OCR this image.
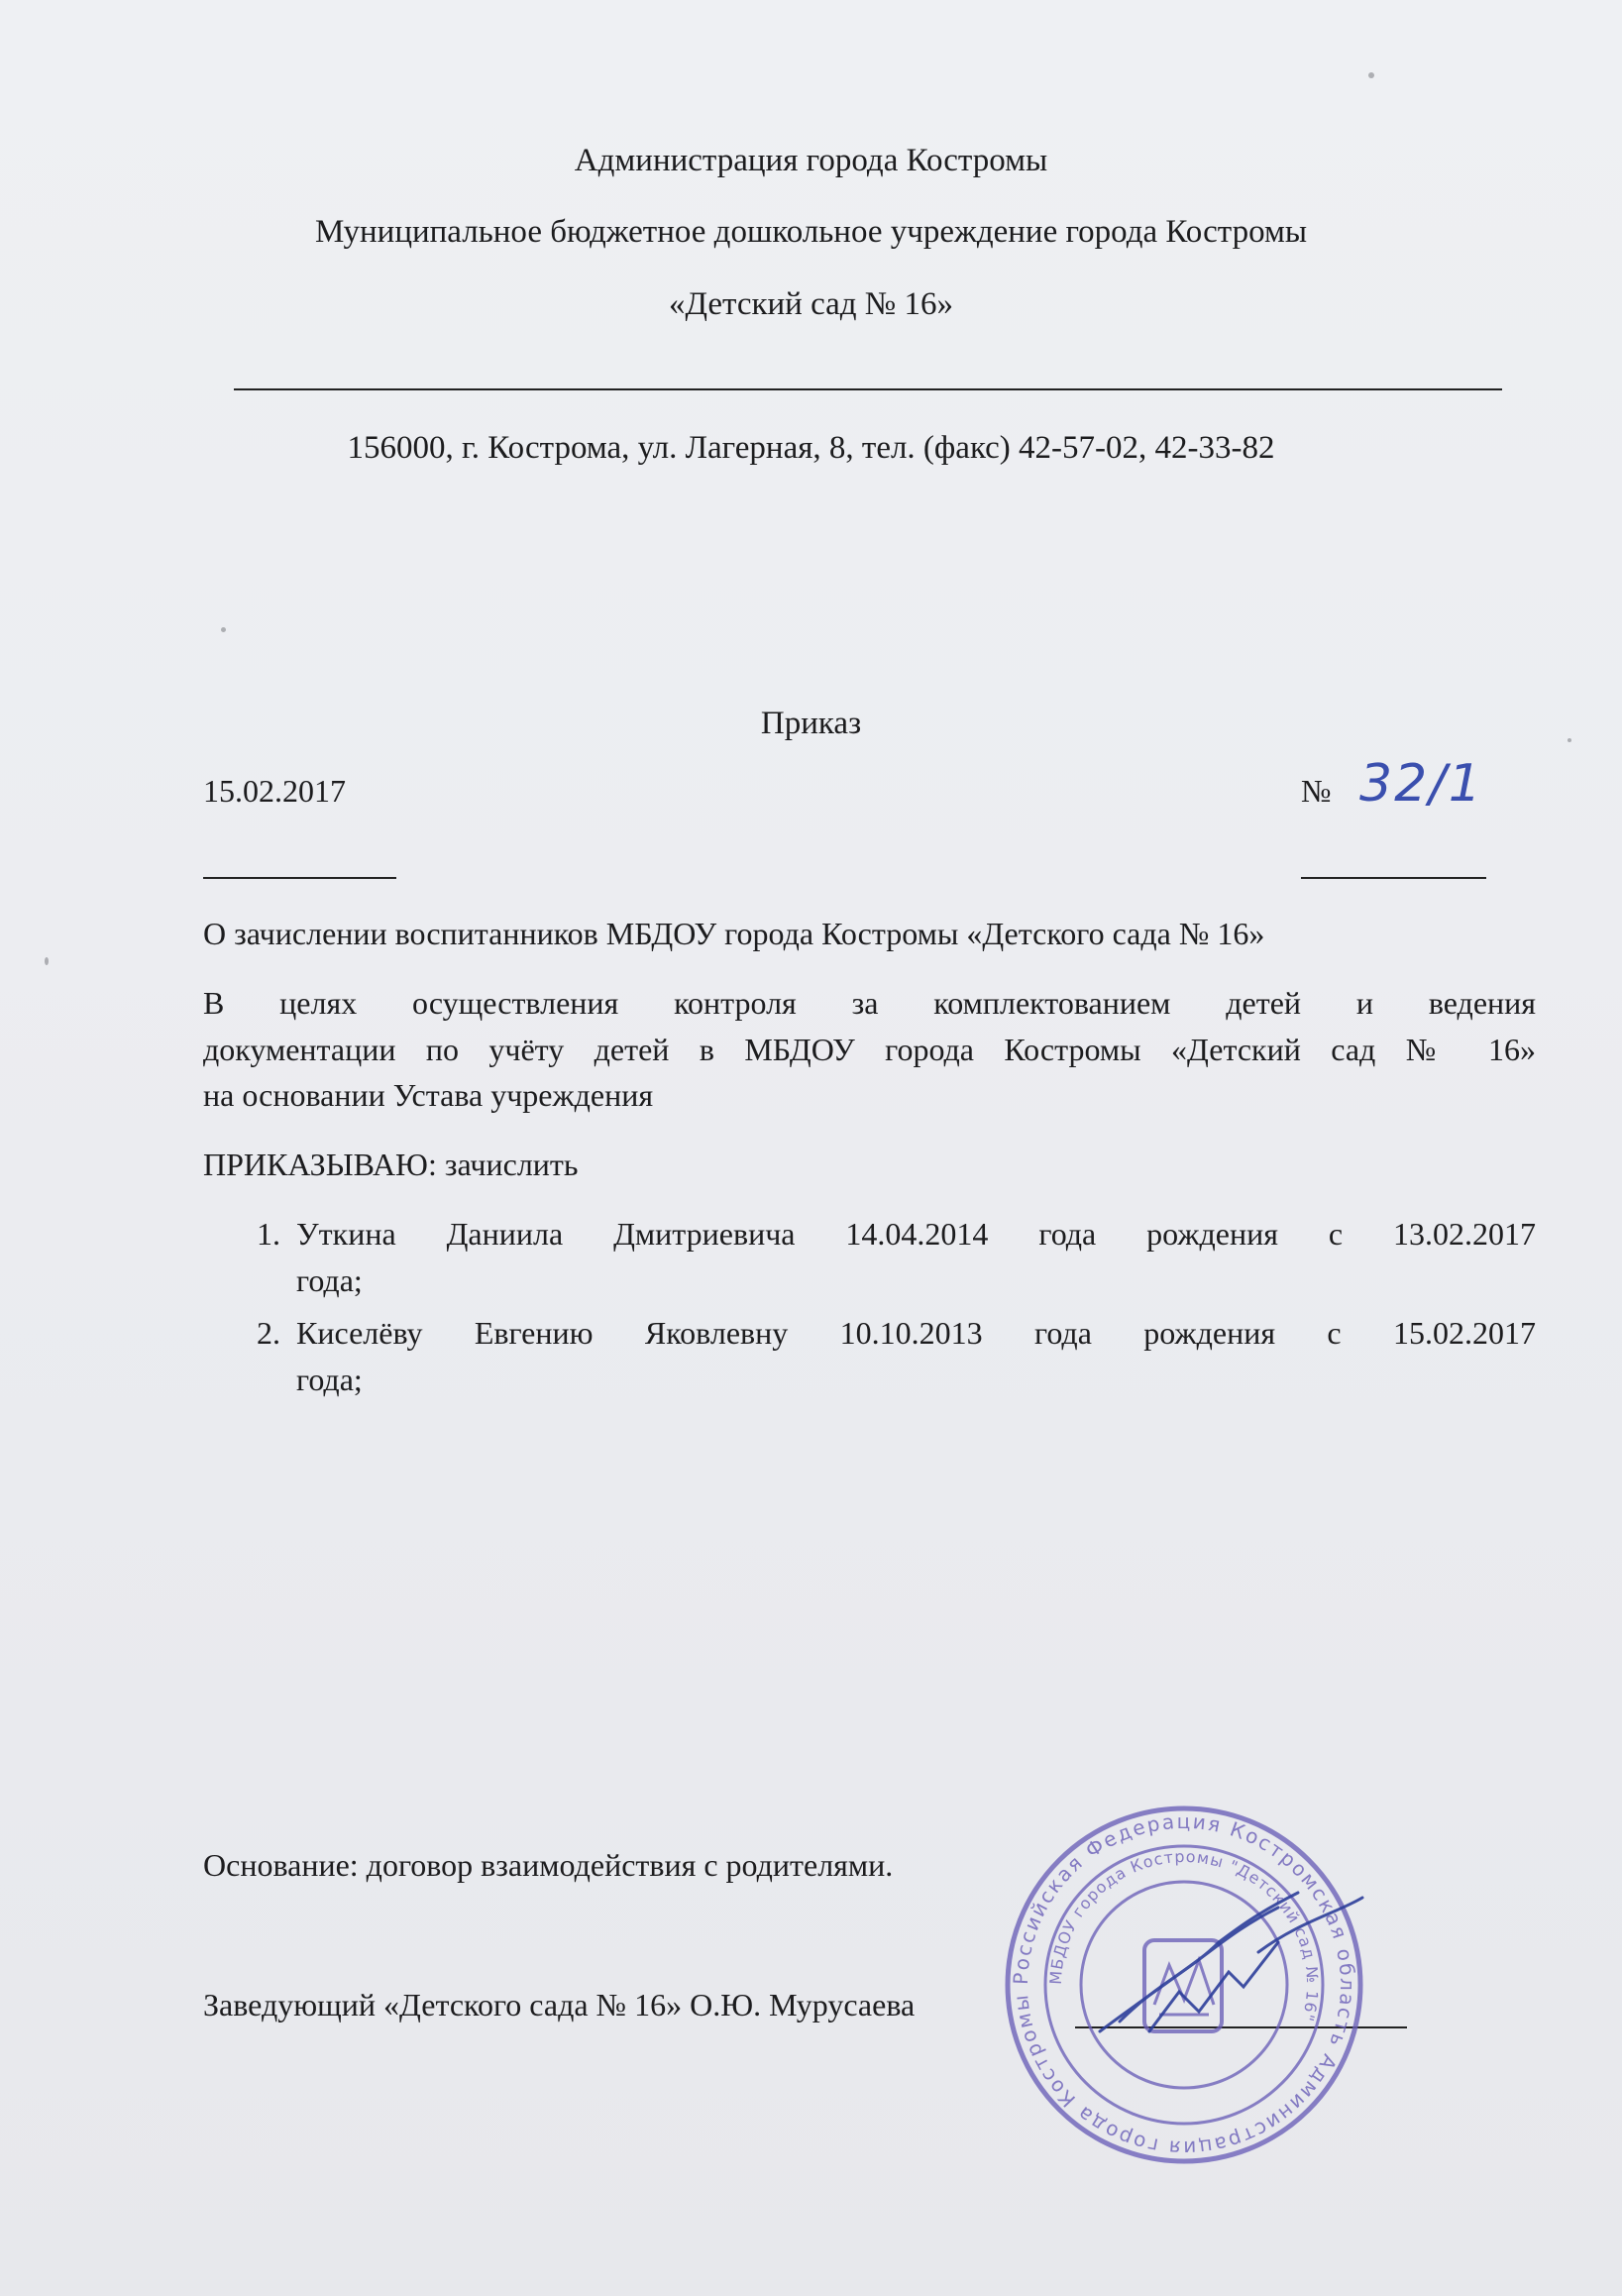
Администрация города Костромы
Муниципальное бюджетное дошкольное учреждение города Костромы
«Детский сад № 16»
156000, г. Кострома, ул. Лагерная, 8, тел. (факс) 42-57-02, 42-33-82
Приказ
15.02.2017	№ 32/1
О зачислении воспитанников МБДОУ города Костромы «Детского сада № 16»
В целях осуществления контроля за комплектованием детей и ведения
документации по учёту детей в МБДОУ города Костромы «Детский сад № 16»
на основании Устава учреждения
ПРИКАЗЫВАЮ: зачислить
1. Уткина Даниила Дмитриевича 14.04.2014 года рождения с 13.02.2017
года;
2. Киселёву Евгению Яковлевну 10.10.2013 года рождения с 15.02.2017
года;
Основание: договор взаимодействия с родителями.
Заведующий «Детского сада № 16» О.Ю. Мурусаева
Российская Федерация Костромская область Администрация города Костромы
МБДОУ города Костромы "Детский сад № 16"
